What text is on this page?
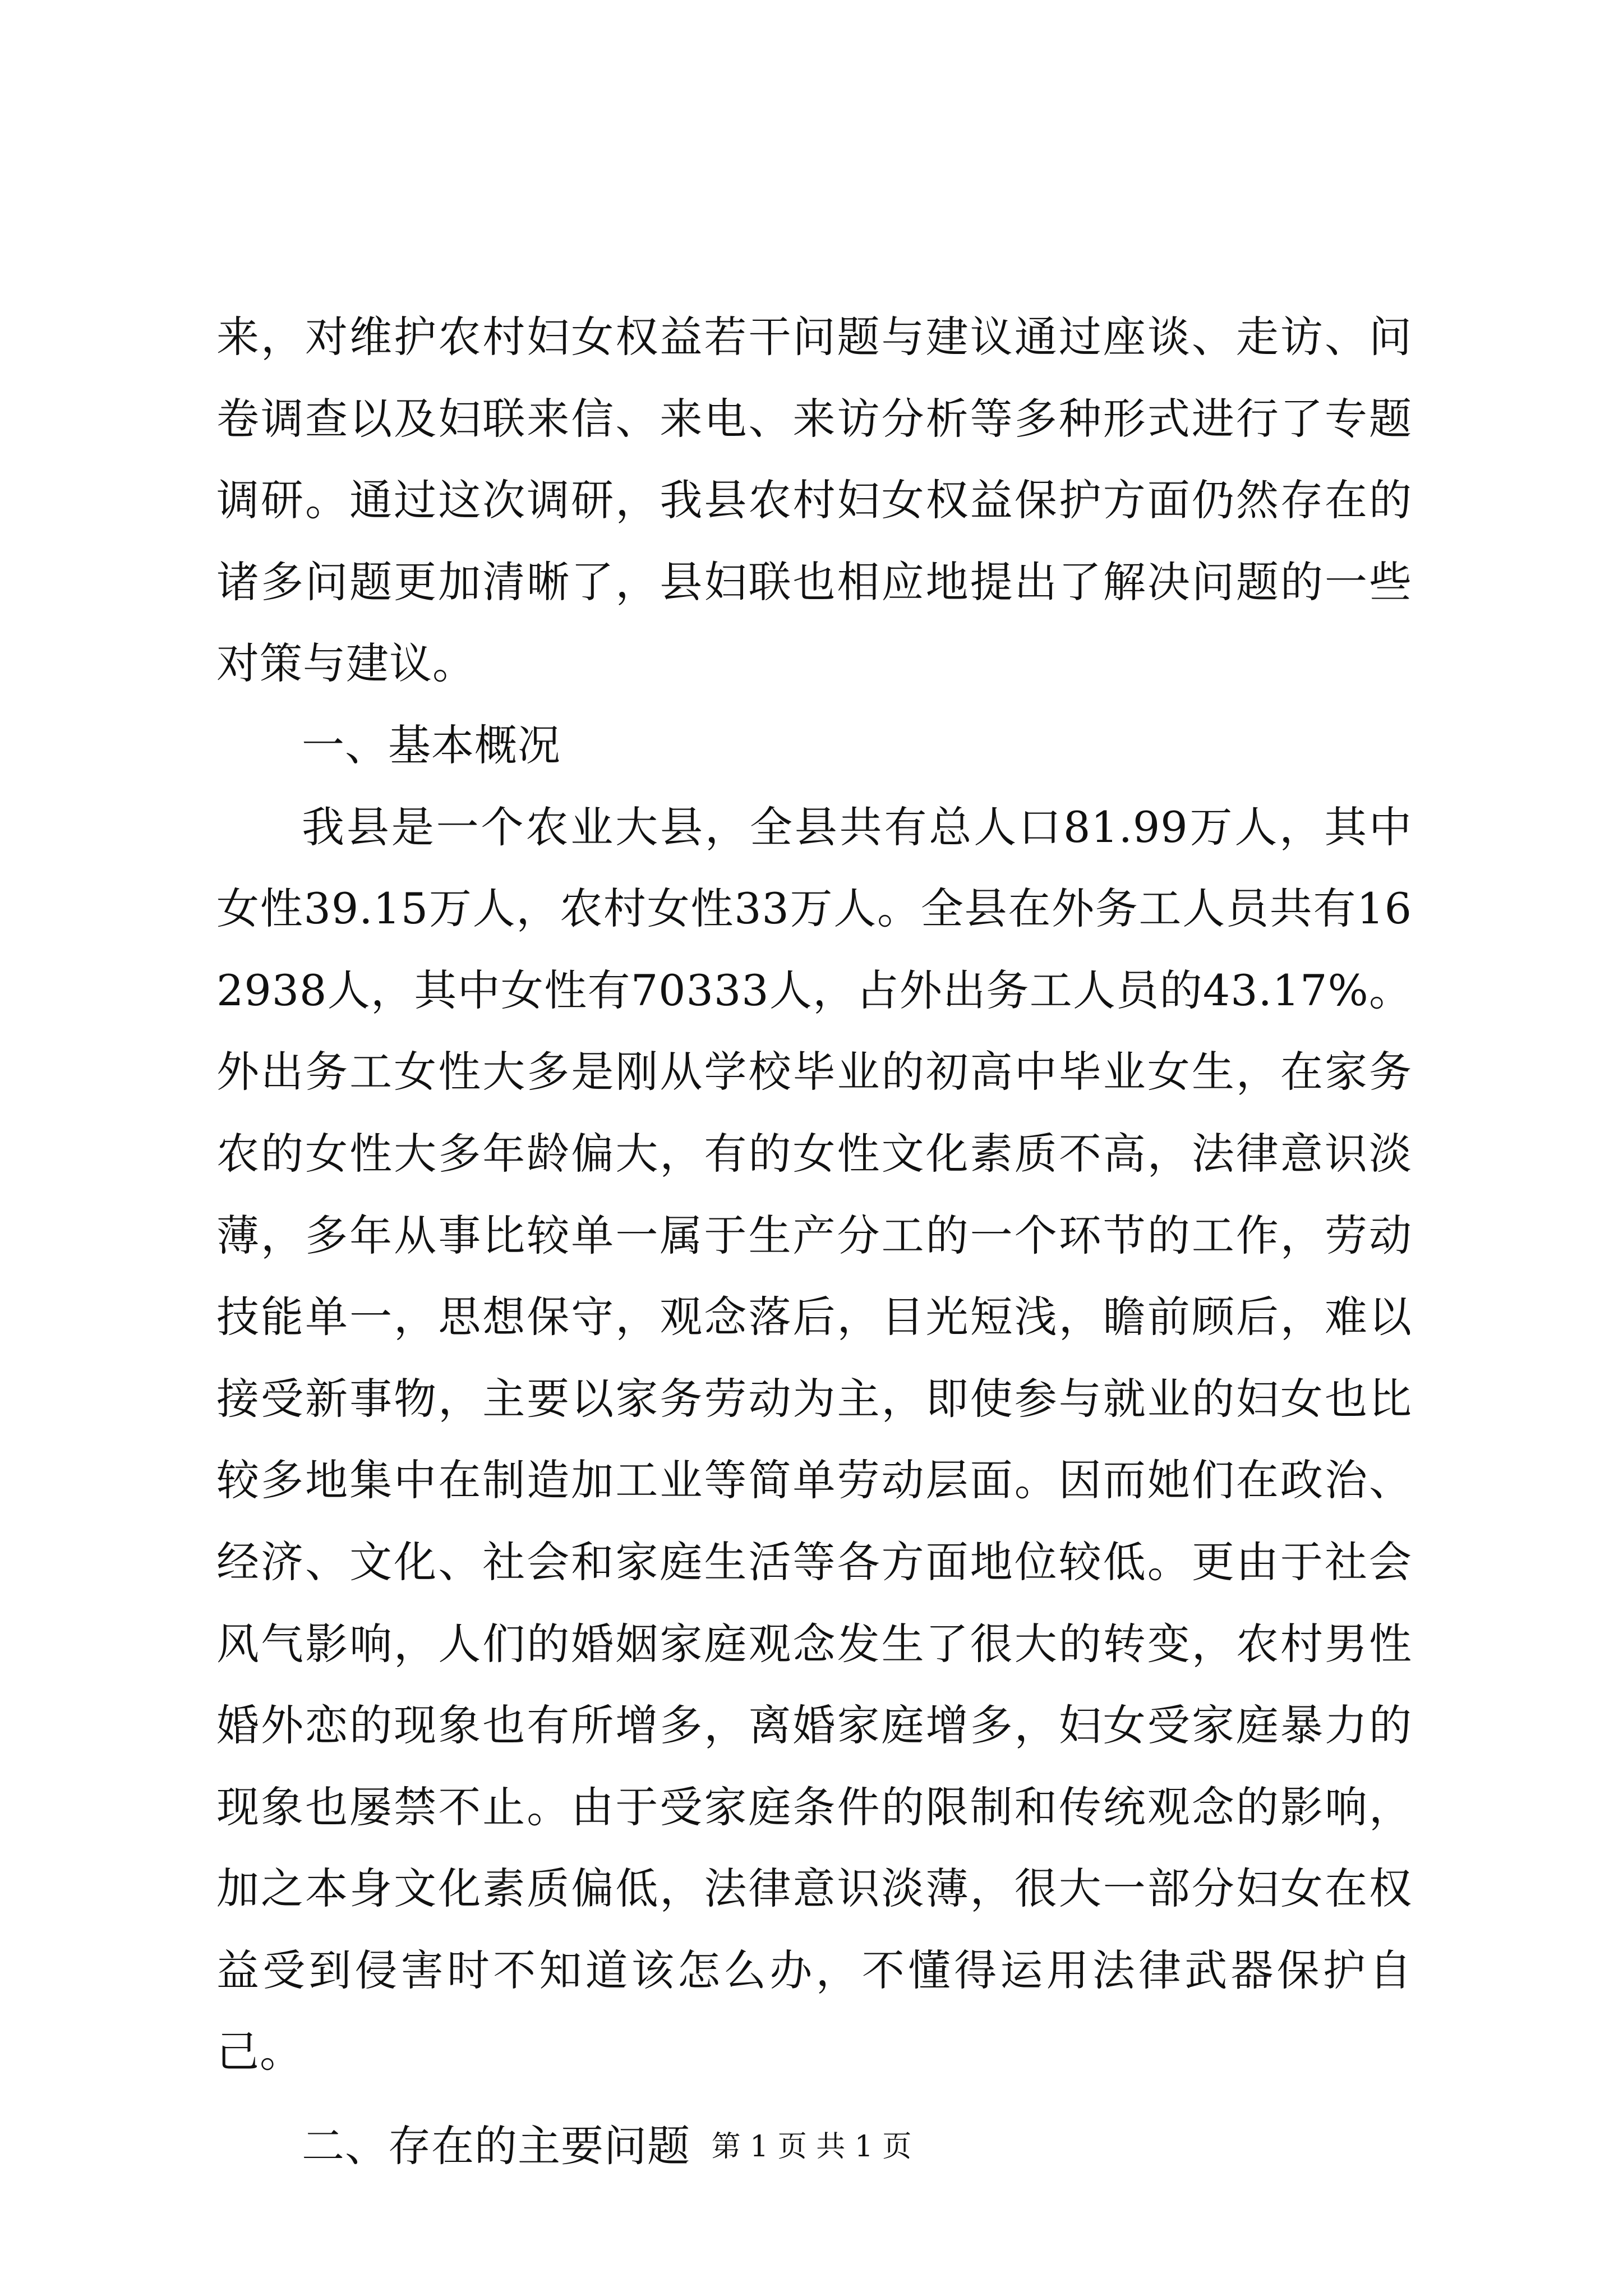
来，对维护农村妇女权益若干问题与建议通过座谈、走访、问卷调查以及妇联来信、来电、来访分析等多种形式进行了专题调研。通过这次调研，我县农村妇女权益保护方面仍然存在的诸多问题更加清晰了，县妇联也相应地提出了解决问题的一些对策与建议。

一、基本概况

我县是一个农业大县，全县共有总人口81.99万人，其中女性39.15万人，农村女性33万人。全县在外务工人员共有162938人，其中女性有70333人，占外出务工人员的43.17%。外出务工女性大多是刚从学校毕业的初高中毕业女生，在家务农的女性大多年龄偏大，有的女性文化素质不高，法律意识淡薄，多年从事比较单一属于生产分工的一个环节的工作，劳动技能单一，思想保守，观念落后，目光短浅，瞻前顾后，难以接受新事物，主要以家务劳动为主，即使参与就业的妇女也比较多地集中在制造加工业等简单劳动层面。因而她们在政治、经济、文化、社会和家庭生活等各方面地位较低。更由于社会风气影响，人们的婚姻家庭观念发生了很大的转变，农村男性婚外恋的现象也有所增多，离婚家庭增多，妇女受家庭暴力的现象也屡禁不止。由于受家庭条件的限制和传统观念的影响，加之本身文化素质偏低，法律意识淡薄，很大一部分妇女在权益受到侵害时不知道该怎么办，不懂得运用法律武器保护自己。

二、存在的主要问题 第 1 页 共 1 页
